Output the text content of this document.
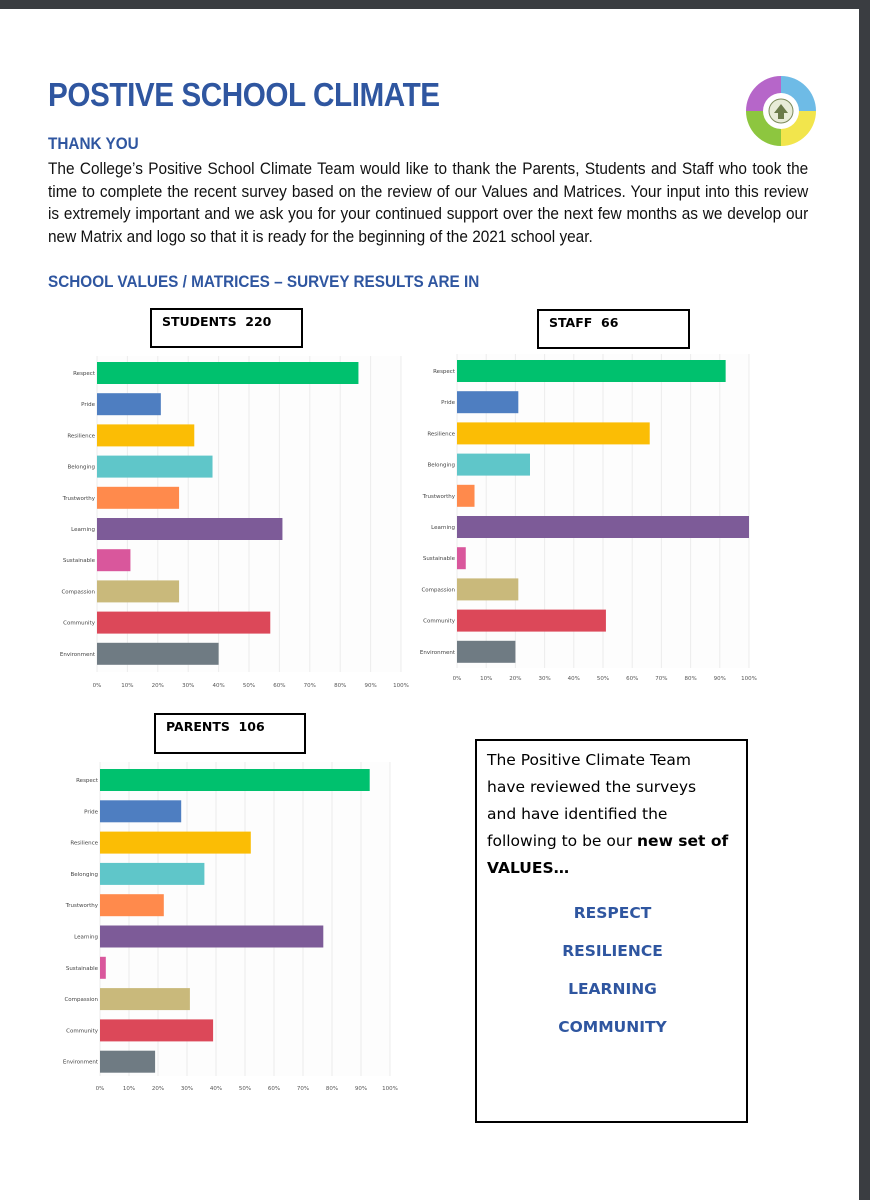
POSTIVE SCHOOL CLIMATE
THANK YOU

The College’s Positive School Climate Team would like to thank the Parents, Students and Staff who took the time to complete the recent survey based on the review of our Values and Matrices. Your input into this review is extremely important and we ask you for your continued support over the next few months as we develop our new Matrix and logo so that it is ready for the beginning of the 2021 school year.

SCHOOL VALUES / MATRICES – SURVEY RESULTS ARE IN
STUDENTS  220	STAFF  66
PARENTS  106
0%	10%	20%	30%	40%	50%	60%	70%	80%	90%	100%
Respect
Pride
Resilience
Belonging
Trustworthy
Learning
Sustainable
Compassion
Community
Environment
0%	10%	20%	30%	40%	50%	60%	70%	80%	90%	100%
Respect
Pride
Resilience
Belonging
Trustworthy
Learning
Sustainable
Compassion
Community
Environment
0%	10%	20%	30%	40%	50%	60%	70%	80%	90%	100%
Respect
Pride
Resilience
Belonging
Trustworthy
Learning
Sustainable
Compassion
Community
Environment

The Positive Climate Team
have reviewed the surveys
and have identified the
following to be our new set of
VALUES…

RESPECT
RESILIENCE
LEARNING
COMMUNITY
